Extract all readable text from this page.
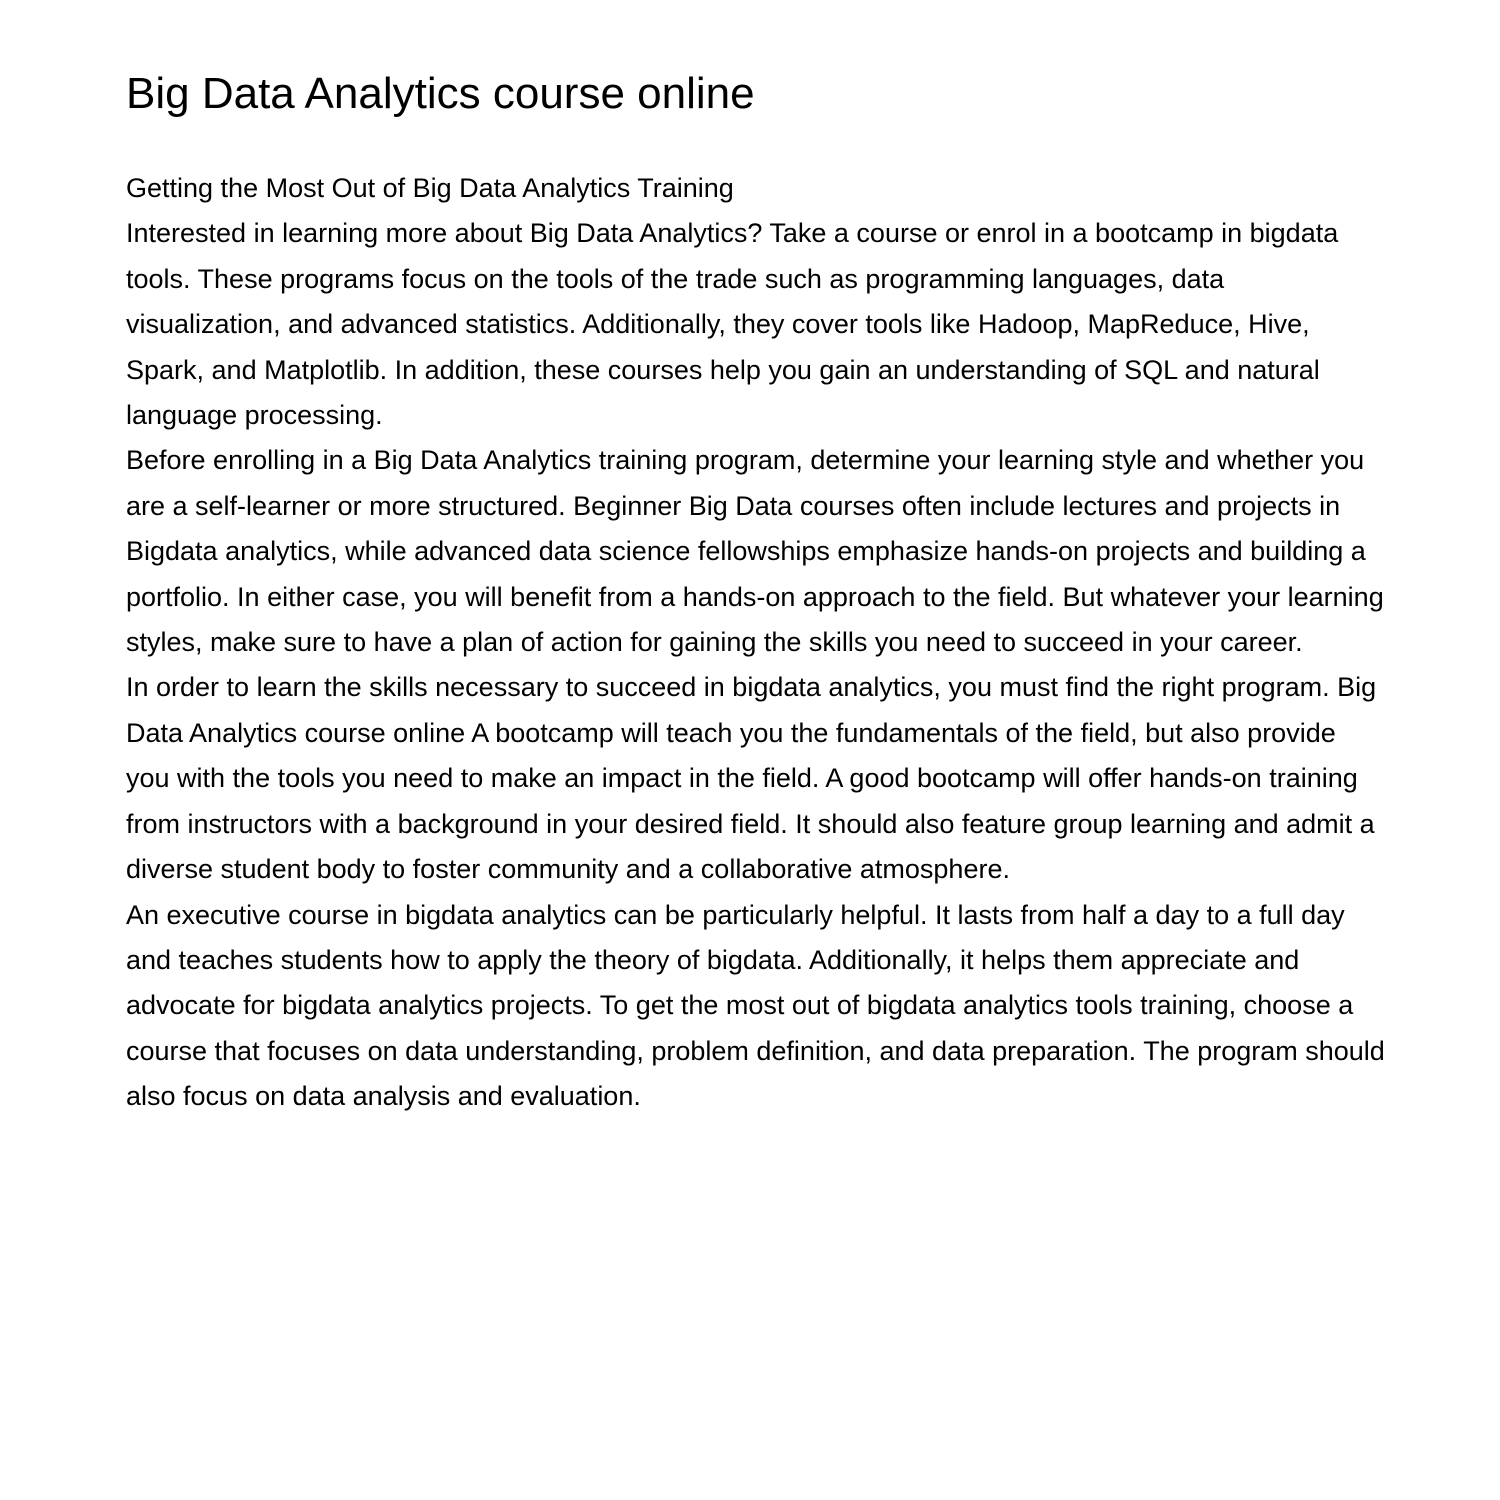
Big Data Analytics course online
Getting the Most Out of Big Data Analytics Training

Interested in learning more about Big Data Analytics? Take a course or enrol in a bootcamp in bigdata tools. These programs focus on the tools of the trade such as programming languages, data visualization, and advanced statistics. Additionally, they cover tools like Hadoop, MapReduce, Hive, Spark, and Matplotlib. In addition, these courses help you gain an understanding of SQL and natural language processing.

Before enrolling in a Big Data Analytics training program, determine your learning style and whether you are a self-learner or more structured. Beginner Big Data courses often include lectures and projects in Bigdata analytics, while advanced data science fellowships emphasize hands-on projects and building a portfolio. In either case, you will benefit from a hands-on approach to the field. But whatever your learning styles, make sure to have a plan of action for gaining the skills you need to succeed in your career.

In order to learn the skills necessary to succeed in bigdata analytics, you must find the right program. Big Data Analytics course online A bootcamp will teach you the fundamentals of the field, but also provide you with the tools you need to make an impact in the field. A good bootcamp will offer hands-on training from instructors with a background in your desired field. It should also feature group learning and admit a diverse student body to foster community and a collaborative atmosphere.

An executive course in bigdata analytics can be particularly helpful. It lasts from half a day to a full day and teaches students how to apply the theory of bigdata. Additionally, it helps them appreciate and advocate for bigdata analytics projects. To get the most out of bigdata analytics tools training, choose a course that focuses on data understanding, problem definition, and data preparation. The program should also focus on data analysis and evaluation.
